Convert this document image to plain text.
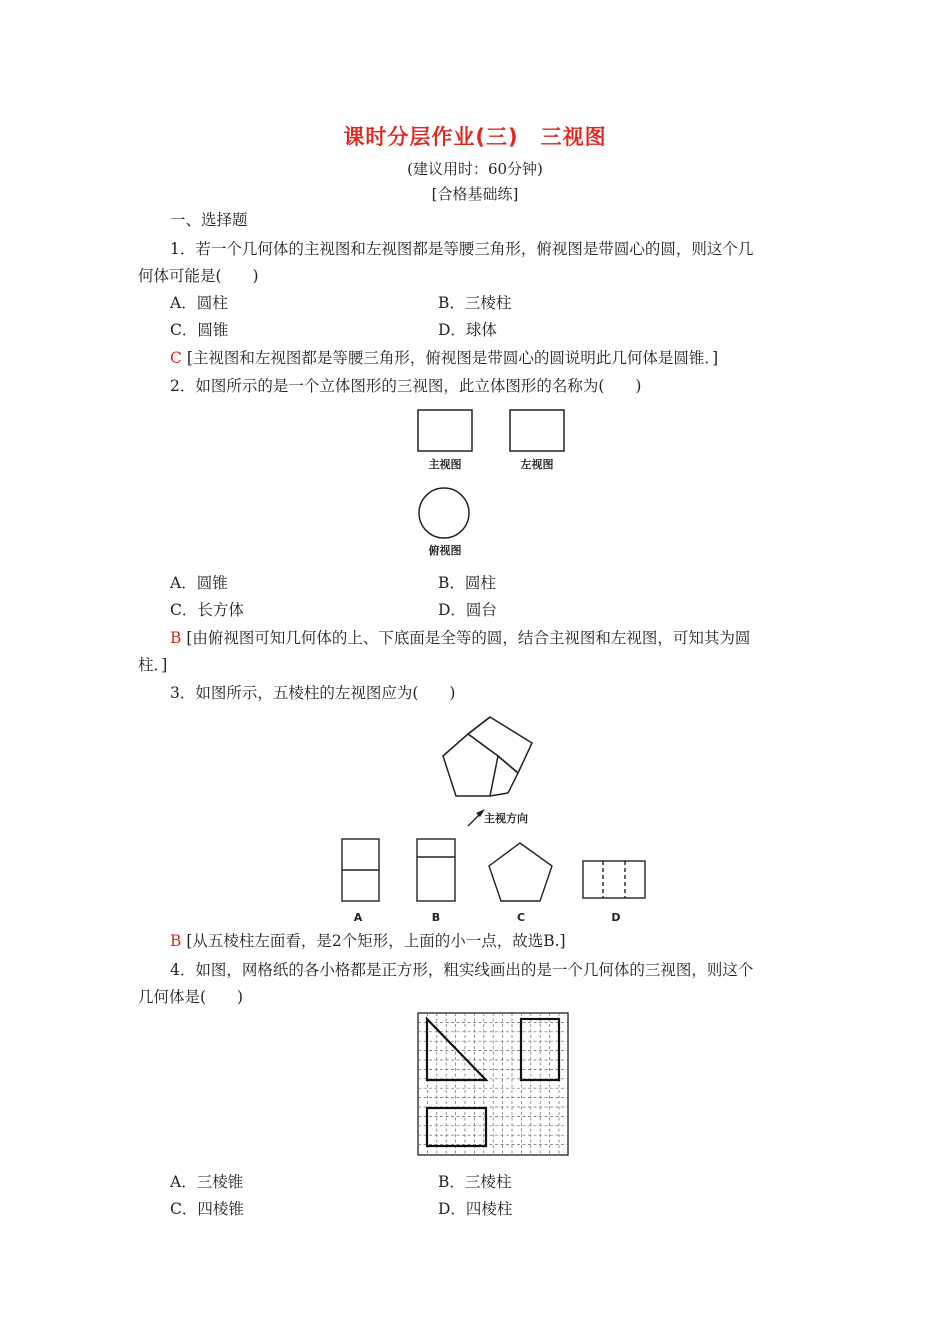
课时分层作业(三)　三视图
(建议用时：60分钟)
[合格基础练]
一、选择题
1．若一个几何体的主视图和左视图都是等腰三角形，俯视图是带圆心的圆，则这个几
何体可能是(　　)
A．圆柱	B．三棱柱
C．圆锥	D．球体
C [主视图和左视图都是等腰三角形，俯视图是带圆心的圆说明此几何体是圆锥．]
2．如图所示的是一个立体图形的三视图，此立体图形的名称为(　　)
主视图	左视图
俯视图
A．圆锥	B．圆柱
C．长方体	D．圆台
B [由俯视图可知几何体的上、下底面是全等的圆，结合主视图和左视图，可知其为圆
柱．]
3．如图所示，五棱柱的左视图应为(　　)
主视方向
A	B	C	D
B [从五棱柱左面看，是2个矩形，上面的小一点，故选B.]
4．如图，网格纸的各小格都是正方形，粗实线画出的是一个几何体的三视图，则这个
几何体是(　　)
A．三棱锥	B．三棱柱
C．四棱锥	D．四棱柱
